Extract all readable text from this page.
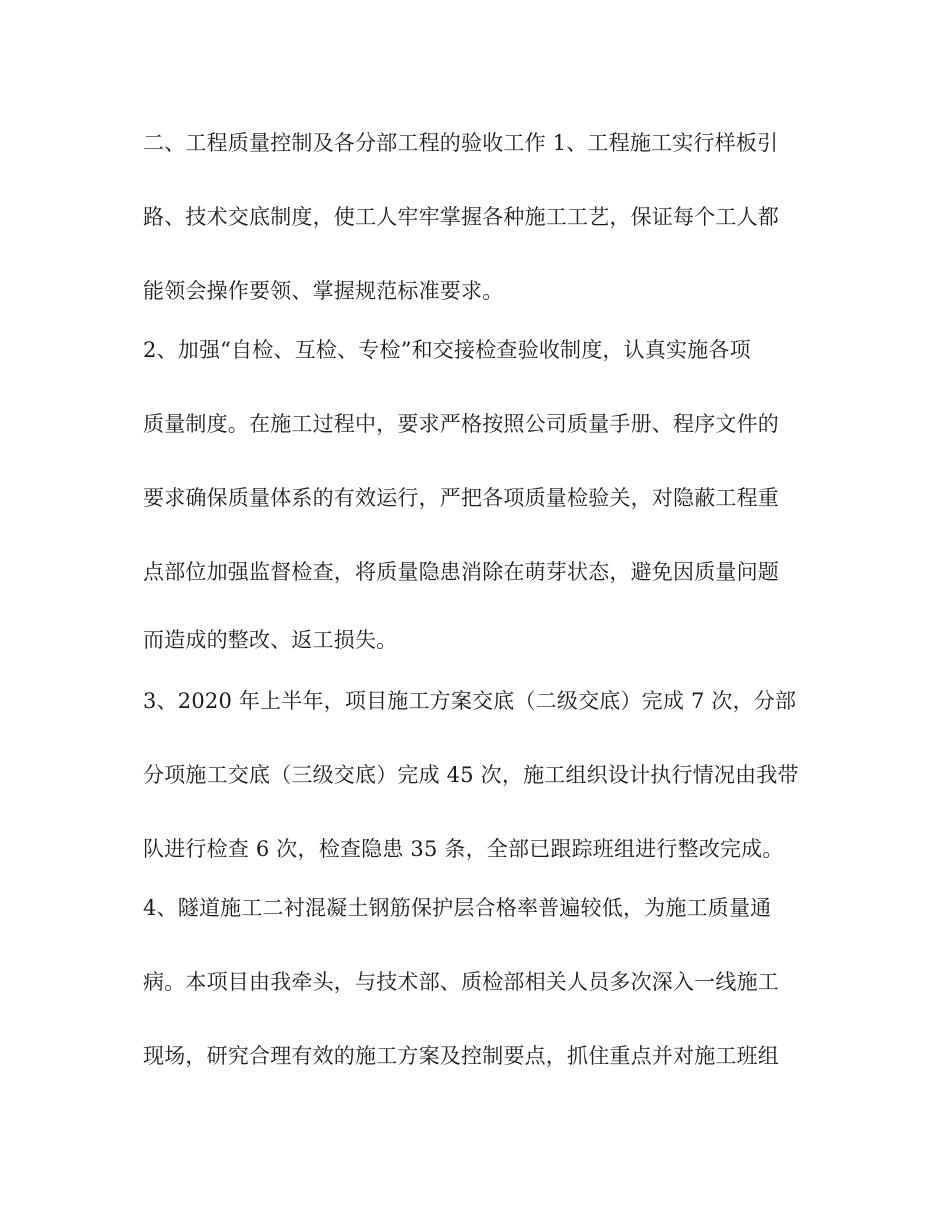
二、工程质量控制及各分部工程的验收工作 1、工程施工实行样板引
路、技术交底制度，使工人牢牢掌握各种施工工艺，保证每个工人都
能领会操作要领、掌握规范标准要求。
2、加强“自检、互检、专检”和交接检查验收制度，认真实施各项
质量制度。在施工过程中，要求严格按照公司质量手册、程序文件的
要求确保质量体系的有效运行，严把各项质量检验关，对隐蔽工程重
点部位加强监督检查，将质量隐患消除在萌芽状态，避免因质量问题
而造成的整改、返工损失。
3、2020 年上半年，项目施工方案交底（二级交底）完成 7 次，分部
分项施工交底（三级交底）完成 45 次，施工组织设计执行情况由我带
队进行检查 6 次，检查隐患 35 条，全部已跟踪班组进行整改完成。
4、隧道施工二衬混凝土钢筋保护层合格率普遍较低，为施工质量通
病。本项目由我牵头，与技术部、质检部相关人员多次深入一线施工
现场，研究合理有效的施工方案及控制要点，抓住重点并对施工班组
